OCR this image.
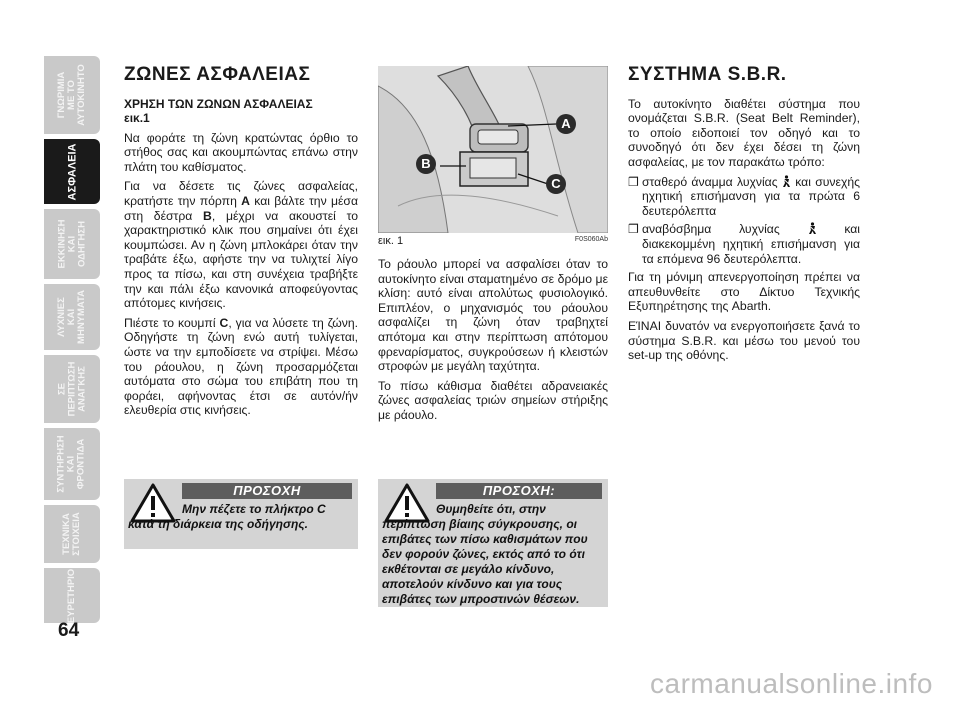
ΓΝΩΡΙΜΙΑ
ΜΕ ΤΟ
ΑΥΤΟΚΙΝΗΤΟ
ΑΣΦΑΛΕΙΑ
ΕΚΚΙΝΗΣΗ
ΚΑΙ
ΟΔΗΓΗΣΗ
ΛΥΧΝΙΕΣ
ΚΑΙ
ΜΗΝΥΜΑΤΑ
ΣΕ
ΠΕΡΙΠΤΩΣΗ
ΑΝΑΓΚΗΣ
ΣΥΝΤΗΡΗΣΗ
ΚΑΙ
ΦΡΟΝΤΙΔΑ
ΤΕΧΝΙΚΑ
ΣΤΟΙΧΕΙΑ
ΕΥΡΕΤΗΡΙΟ
64
ΖΩΝΕΣ ΑΣΦΑΛΕΙΑΣ
ΧΡΗΣΗ ΤΩΝ ΖΩΝΩΝ ΑΣΦΑΛΕΙΑΣ
εικ.1

Να φοράτε τη ζώνη κρατώντας όρθιο το στήθος σας και ακουμπώντας επάνω στην πλάτη του καθίσματος.

Για να δέσετε τις ζώνες ασφαλείας, κρατήστε την πόρπη A και βάλτε την μέσα στη δέστρα B, μέχρι να ακουστεί το χαρακτηριστικό κλικ που σημαίνει ότι έχει κουμπώσει. Αν η ζώνη μπλοκάρει όταν την τραβάτε έξω, αφήστε την να τυλιχτεί λίγο προς τα πίσω, και στη συνέχεια τραβήξτε την και πάλι έξω κανονικά αποφεύγοντας απότομες κινήσεις.

Πιέστε το κουμπί C, για να λύσετε τη ζώνη. Οδηγήστε τη ζώνη ενώ αυτή τυλίγεται, ώστε να την εμποδίσετε να στρίψει. Μέσω του ράουλου, η ζώνη προσαρμόζεται αυτόματα στο σώμα του επιβάτη που τη φοράει, αφήνοντας έτσι σε αυτόν/ήν ελευθερία στις κινήσεις.

A
B
C
εικ. 1	F0S060Ab

Το ράουλο μπορεί να ασφαλίσει όταν το αυτοκίνητο είναι σταματημένο σε δρόμο με κλίση: αυτό είναι απολύτως φυσιολογικό. Επιπλέον, ο μηχανισμός του ράουλου ασφαλίζει τη ζώνη όταν τραβηχτεί απότομα και στην περίπτωση απότομου φρεναρίσματος, συγκρούσεων ή κλειστών στροφών με μεγάλη ταχύτητα.

Το πίσω κάθισμα διαθέτει αδρανειακές ζώνες ασφαλείας τριών σημείων στήριξης με ράουλο.

ΣΥΣΤΗΜΑ S.B.R.

Το αυτοκίνητο διαθέτει σύστημα που ονομάζεται S.B.R. (Seat Belt Reminder), το οποίο ειδοποιεί τον οδηγό και το συνοδηγό ότι δεν έχει δέσει τη ζώνη ασφαλείας, με τον παρακάτω τρόπο:

❒ σταθερό άναμμα λυχνίας  και συνεχής ηχητική επισήμανση για τα πρώτα 6 δευτερόλεπτα
❒ αναβόσβημα λυχνίας	και διακεκομμένη ηχητική επισήμανση για τα επόμενα 96 δευτερόλεπτα.

Για τη μόνιμη απενεργοποίηση πρέπει να απευθυνθείτε στο Δίκτυο Τεχνικής Εξυπηρέτησης της Abarth.

ΕΊΝΑΙ δυνατόν να ενεργοποιήσετε ξανά το σύστημα S.B.R. και μέσω του μενού του set-up της οθόνης.

ΠΡΟΣΟΧΗ
Μην πέζετε το πλήκτρο C κατά τη διάρκεια της οδήγησης.
ΠΡΟΣΟΧΗ:
Θυμηθείτε ότι, στην περίπτωση βίαιης σύγκρουσης, οι επιβάτες των πίσω καθισμάτων που δεν φορούν ζώνες, εκτός από το ότι εκθέτονται σε μεγάλο κίνδυνο, αποτελούν κίνδυνο και για τους επιβάτες των μπροστινών θέσεων.
carmanualsonline.info
